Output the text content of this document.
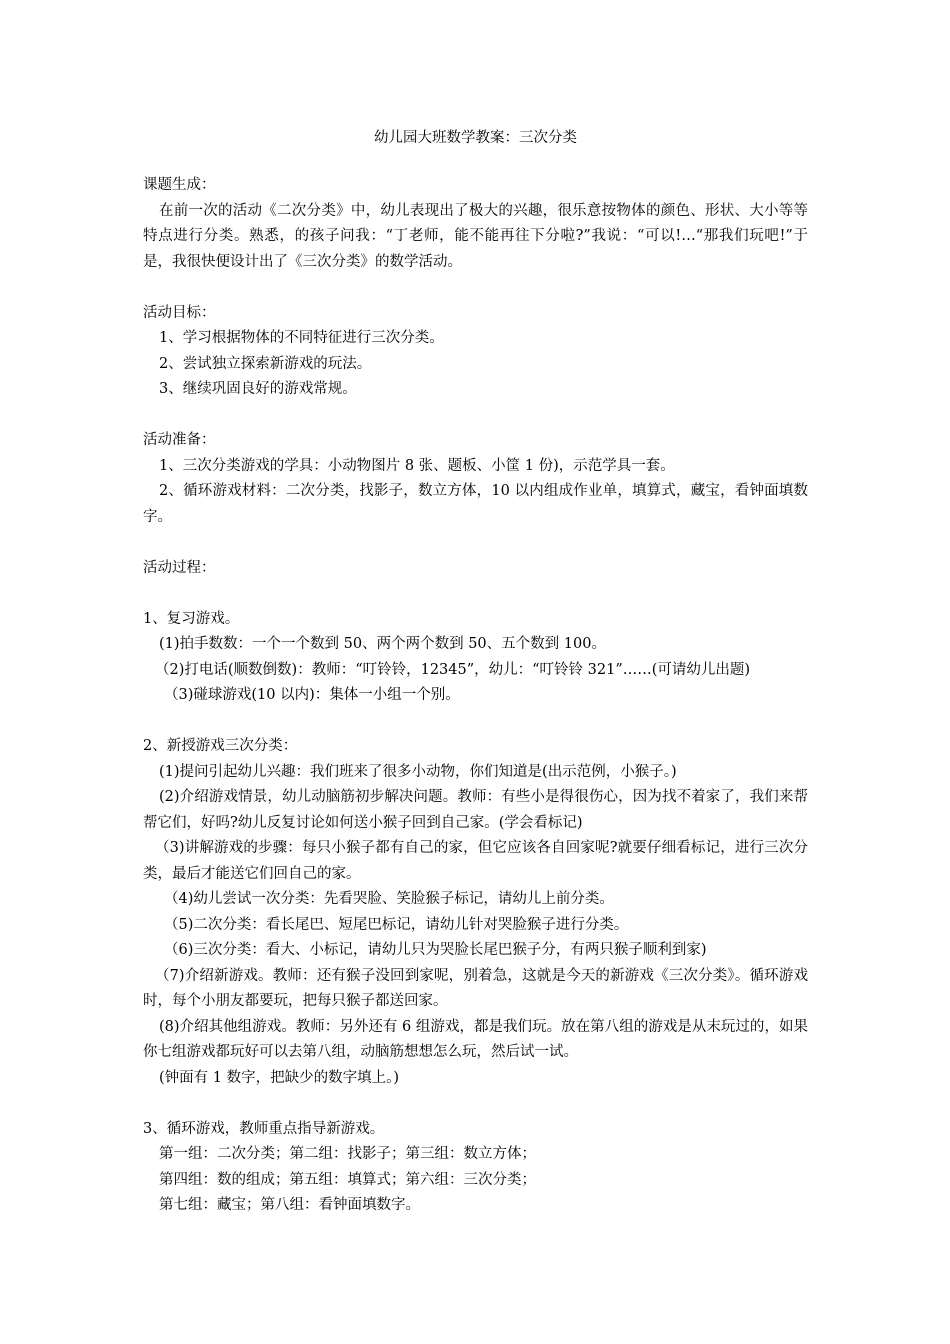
幼儿园大班数学教案：三次分类

课题生成：

在前一次的活动《二次分类》中，幼儿表现出了极大的兴趣，很乐意按物体的颜色、形状、大小等等特点进行分类。熟悉，的孩子问我：“丁老师，能不能再往下分啦?”我说：“可以!…“那我们玩吧!”于是，我很快便设计出了《三次分类》的数学活动。

活动目标：

1、学习根据物体的不同特征进行三次分类。

2、尝试独立探索新游戏的玩法。

3、继续巩固良好的游戏常规。

活动准备：

1、三次分类游戏的学具：小动物图片 8 张、题板、小筐 1 份)，示范学具一套。

2、循环游戏材料：二次分类，找影子，数立方体，10 以内组成作业单，填算式，藏宝，看钟面填数字。

活动过程：

1、复习游戏。

(1)拍手数数：一个一个数到 50、两个两个数到 50、五个数到 100。

（2)打电话(顺数倒数)：教师：“叮铃铃，12345”，幼儿：“叮铃铃 321”……(可请幼儿出题)

（3)碰球游戏(10 以内)：集体一小组一个别。

2、新授游戏三次分类：

(1)提问引起幼儿兴趣：我们班来了很多小动物，你们知道是(出示范例，小猴子。)

(2)介绍游戏情景，幼儿动脑筋初步解决问题。教师：有些小是得很伤心，因为找不着家了，我们来帮帮它们，好吗?幼儿反复讨论如何送小猴子回到自己家。(学会看标记)

（3)讲解游戏的步骤：每只小猴子都有自己的家，但它应该各自回家呢?就要仔细看标记，进行三次分类，最后才能送它们回自己的家。

（4)幼儿尝试一次分类：先看哭脸、笑脸猴子标记，请幼儿上前分类。

（5)二次分类：看长尾巴、短尾巴标记，请幼儿针对哭脸猴子进行分类。

（6)三次分类：看大、小标记，请幼儿只为哭脸长尾巴猴子分，有两只猴子顺利到家)

（7)介绍新游戏。教师：还有猴子没回到家呢，别着急，这就是今天的新游戏《三次分类》。循环游戏时，每个小朋友都要玩，把每只猴子都送回家。

(8)介绍其他组游戏。教师：另外还有 6 组游戏，都是我们玩。放在第八组的游戏是从末玩过的，如果你七组游戏都玩好可以去第八组，动脑筋想想怎么玩，然后试一试。

(钟面有 1 数字，把缺少的数字填上。)

3、循环游戏，教师重点指导新游戏。

第一组：二次分类；第二组：找影子；第三组：数立方体；

第四组：数的组成；第五组：填算式；第六组：三次分类；

第七组：藏宝；第八组：看钟面填数字。
